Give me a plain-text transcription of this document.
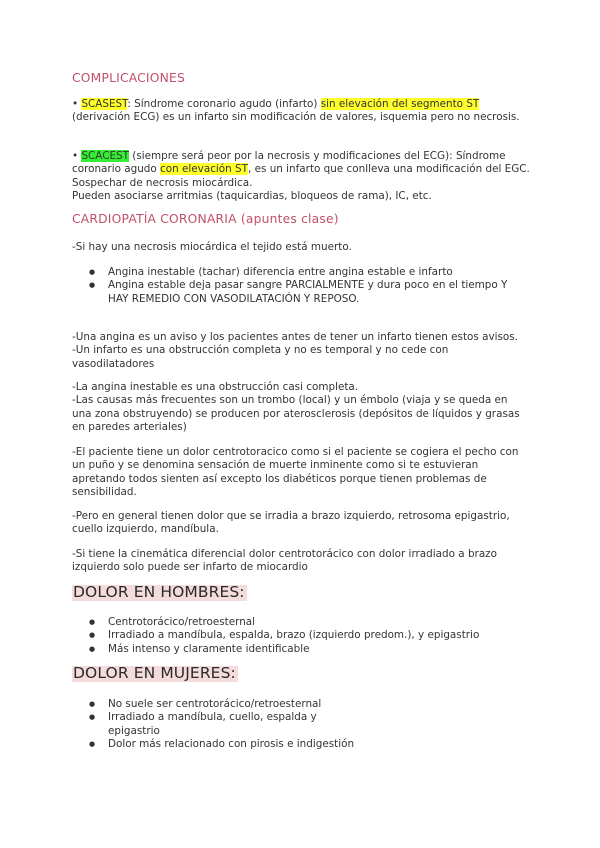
COMPLICACIONES

• SCASEST: Síndrome coronario agudo (infarto) sin elevación del segmento ST (derivación ECG) es un infarto sin modificación de valores, isquemia pero no necrosis.

• SCACEST (siempre será peor por la necrosis y modificaciones del ECG): Síndrome coronario agudo con elevación ST, es un infarto que conlleva una modificación del EGC. Sospechar de necrosis miocárdica.
Pueden asociarse arritmias (taquicardias, bloqueos de rama), IC, etc.

CARDIOPATÍA CORONARIA (apuntes clase)

-Si hay una necrosis miocárdica el tejido está muerto.

● Angina inestable (tachar) diferencia entre angina estable e infarto
● Angina estable deja pasar sangre PARCIALMENTE y dura poco en el tiempo Y HAY REMEDIO CON VASODILATACIÓN Y REPOSO.

-Una angina es un aviso y los pacientes antes de tener un infarto tienen estos avisos.

-Un infarto es una obstrucción completa y no es temporal y no cede con vasodilatadores

-La angina inestable es una obstrucción casi completa.

-Las causas más frecuentes son un trombo (local) y un émbolo (viaja y se queda en una zona obstruyendo) se producen por aterosclerosis (depósitos de líquidos y grasas en paredes arteriales)

-El paciente tiene un dolor centrotoracico como si el paciente se cogiera el pecho con un puño y se denomina sensación de muerte inminente como si te estuvieran apretando todos sienten así excepto los diabéticos porque tienen problemas de sensibilidad.

-Pero en general tienen dolor que se irradia a brazo izquierdo, retrosoma epigastrio, cuello izquierdo, mandíbula.

-Si tiene la cinemática diferencial dolor centrotorácico con dolor irradiado a brazo izquierdo solo puede ser infarto de miocardio

DOLOR EN HOMBRES:
● Centrotorácico/retroesternal
● Irradiado a mandíbula, espalda, brazo (izquierdo predom.), y epigastrio
● Más intenso y claramente identificable
DOLOR EN MUJERES:
● No suele ser centrotorácico/retroesternal
● Irradiado a mandíbula, cuello, espalda y epigastrio
● Dolor más relacionado con pirosis e indigestión
